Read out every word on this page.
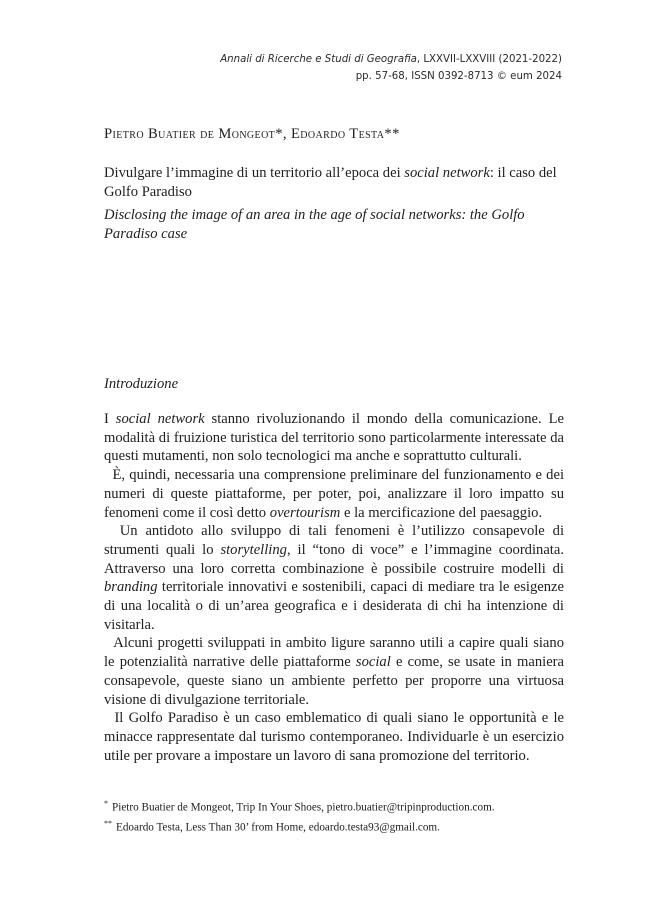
Annali di Ricerche e Studi di Geografia, LXXVII-LXXVIII (2021-2022)
pp. 57-68, ISSN 0392-8713 © eum 2024
Pietro Buatier de Mongeot*, Edoardo Testa**

Divulgare l’immagine di un territorio all’epoca dei social network: il caso del Golfo Paradiso

Disclosing the image of an area in the age of social networks: the Golfo Paradiso case

Introduzione

I social network stanno rivoluzionando il mondo della comunicazione. Le modalità di fruizione turistica del territorio sono particolarmente interessate da questi mutamenti, non solo tecnologici ma anche e soprattutto culturali.

È, quindi, necessaria una comprensione preliminare del funzionamento e dei numeri di queste piattaforme, per poter, poi, analizzare il loro impatto su fenomeni come il così detto overtourism e la mercificazione del paesaggio.

Un antidoto allo sviluppo di tali fenomeni è l’utilizzo consapevole di strumenti quali lo storytelling, il “tono di voce” e l’immagine coordinata. Attraverso una loro corretta combinazione è possibile costruire modelli di branding territoriale innovativi e sostenibili, capaci di mediare tra le esigenze di una località o di un’area geografica e i desiderata di chi ha intenzione di visitarla.

Alcuni progetti sviluppati in ambito ligure saranno utili a capire quali siano le potenzialità narrative delle piattaforme social e come, se usate in maniera consapevole, queste siano un ambiente perfetto per proporre una virtuosa visione di divulgazione territoriale.

Il Golfo Paradiso è un caso emblematico di quali siano le opportunità e le minacce rappresentate dal turismo contemporaneo. Individuarle è un esercizio utile per provare a impostare un lavoro di sana promozione del territorio.

* Pietro Buatier de Mongeot, Trip In Your Shoes, pietro.buatier@tripinproduction.com.
** Edoardo Testa, Less Than 30’ from Home, edoardo.testa93@gmail.com.
